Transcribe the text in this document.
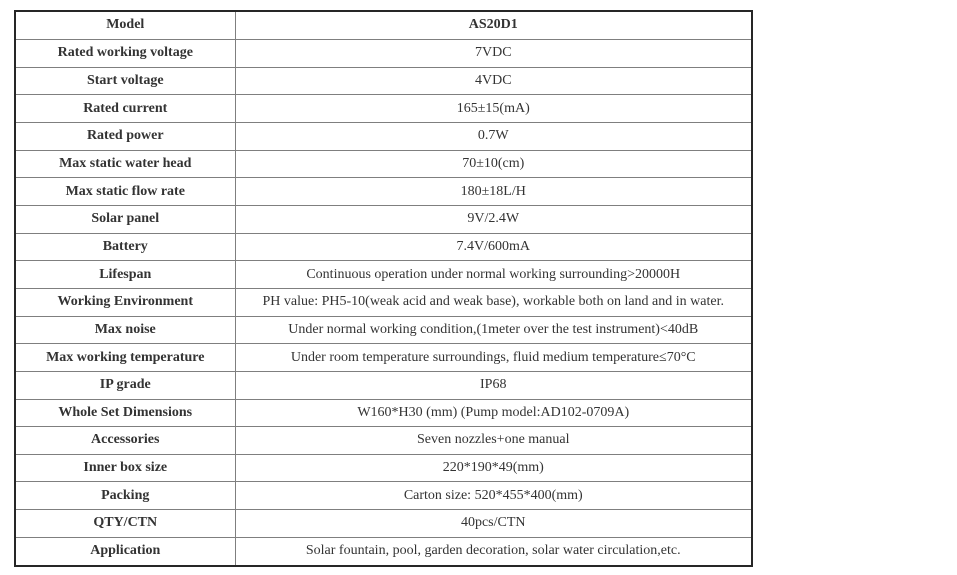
Model	AS20D1
Rated working voltage	7VDC
Start voltage	4VDC
Rated current	165±15(mA)
Rated power	0.7W
Max static water head	70±10(cm)
Max static flow rate	180±18L/H
Solar panel	9V/2.4W
Battery	7.4V/600mA
Lifespan	Continuous operation under normal working surrounding>20000H
Working Environment	PH value: PH5-10(weak acid and weak base), workable both on land and in water.
Max noise	Under normal working condition,(1meter over the test instrument)<40dB
Max working temperature	Under room temperature surroundings, fluid medium temperature≤70°C
IP grade	IP68
Whole Set Dimensions	W160*H30 (mm) (Pump model:AD102-0709A)
Accessories	Seven nozzles+one manual
Inner box size	220*190*49(mm)
Packing	Carton size: 520*455*400(mm)
QTY/CTN	40pcs/CTN
Application	Solar fountain, pool, garden decoration, solar water circulation,etc.
